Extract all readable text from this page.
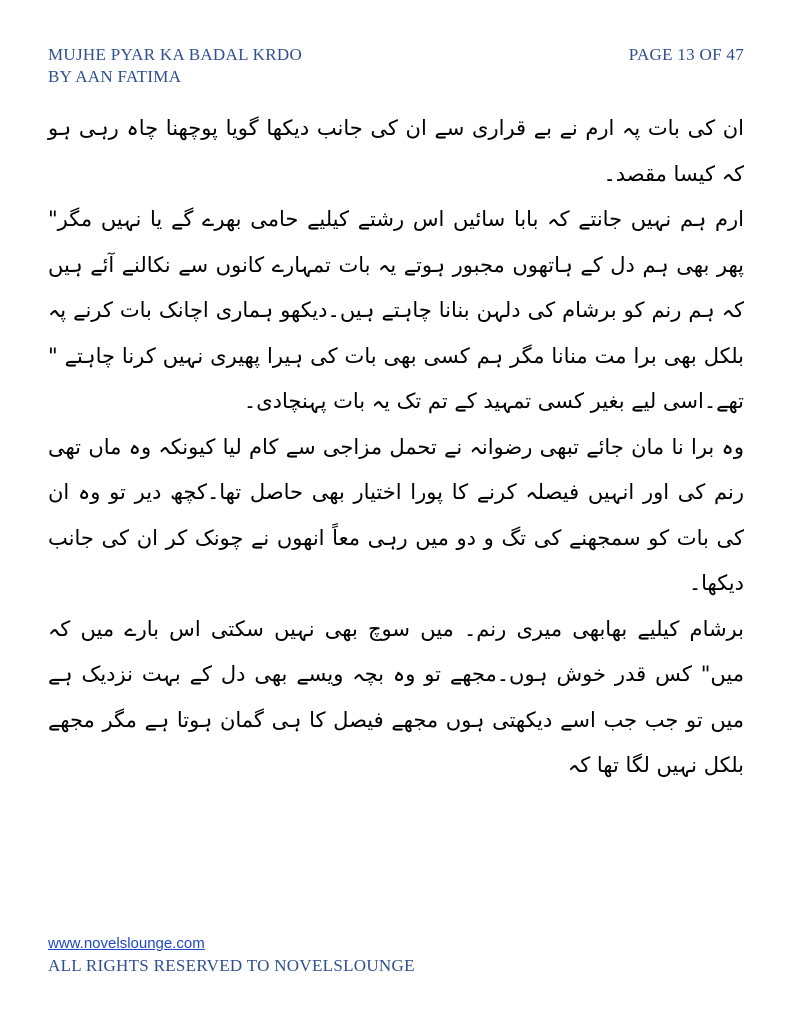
MUJHE PYAR KA BADAL KRDO
BY AAN FATIMA
PAGE 13 OF 47

ان کی بات پہ ارم نے بے قراری سے ان کی جانب دیکھا گویا پوچھنا چاہ رہی ہو کہ کیسا مقصد۔

ارم ہم نہیں جانتے کہ بابا سائیں اس رشتے کیلیے حامی بھرے گے یا نہیں مگر" پھر بھی ہم دل کے ہاتھوں مجبور ہوتے یہ بات تمہارے کانوں سے نکالنے آئے ہیں کہ ہم رنم کو برشام کی دلہن بنانا چاہتے ہیں۔دیکھو ہماری اچانک بات کرنے پہ بلکل بھی برا مت منانا مگر ہم کسی بھی بات کی ہیرا پھیری نہیں کرنا چاہتے " تھے۔اسی لیے بغیر کسی تمہید کے تم تک یہ بات پہنچادی۔

وہ برا نا مان جائے تبھی رضوانہ نے تحمل مزاجی سے کام لیا کیونکہ وہ ماں تھی رنم کی اور انہیں فیصلہ کرنے کا پورا اختیار بھی حاصل تھا۔کچھ دیر تو وہ ان کی بات کو سمجھنے کی تگ و دو میں رہی معاً انھوں نے چونک کر ان کی جانب دیکھا۔

برشام کیلیے بھابھی میری رنم۔ میں سوچ بھی نہیں سکتی اس بارے میں کہ میں" کس قدر خوش ہوں۔مجھے تو وہ بچہ ویسے بھی دل کے بہت نزدیک ہے میں تو جب جب اسے دیکھتی ہوں مجھے فیصل کا ہی گمان ہوتا ہے مگر مجھے بلکل نہیں لگا تھا کہ

www.novelslounge.com
ALL RIGHTS RESERVED TO NOVELSLOUNGE
